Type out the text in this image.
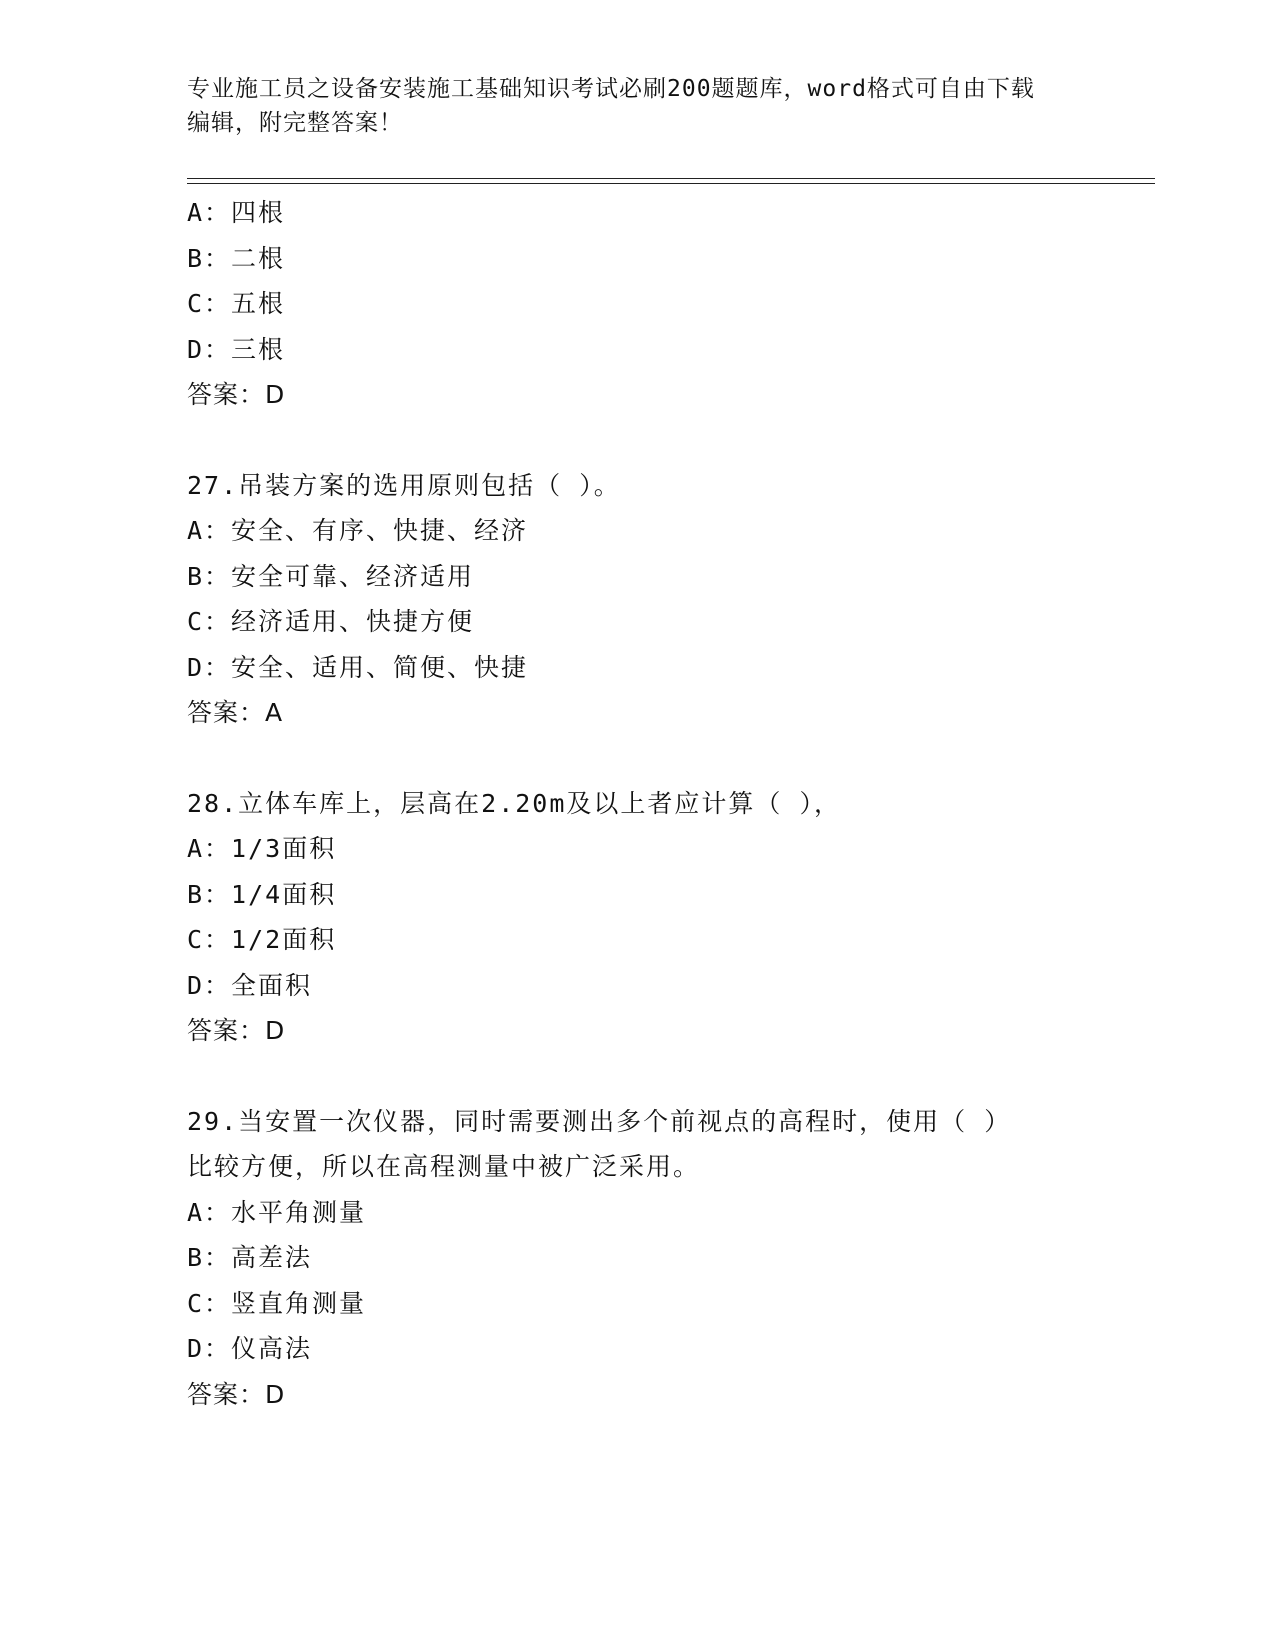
专业施工员之设备安装施工基础知识考试必刷200题题库，word格式可自由下载
编辑，附完整答案！
A：四根
B：二根
C：五根
D：三根
答案：D
27.吊装方案的选用原则包括（ ）。
A：安全、有序、快捷、经济
B：安全可靠、经济适用
C：经济适用、快捷方便
D：安全、适用、简便、快捷
答案：A
28.立体车库上，层高在2.20m及以上者应计算（ ），
A：1/3面积
B：1/4面积
C：1/2面积
D：全面积
答案：D
29.当安置一次仪器，同时需要测出多个前视点的高程时，使用（ ）
比较方便，所以在高程测量中被广泛采用。
A：水平角测量
B：高差法
C：竖直角测量
D：仪高法
答案：D
